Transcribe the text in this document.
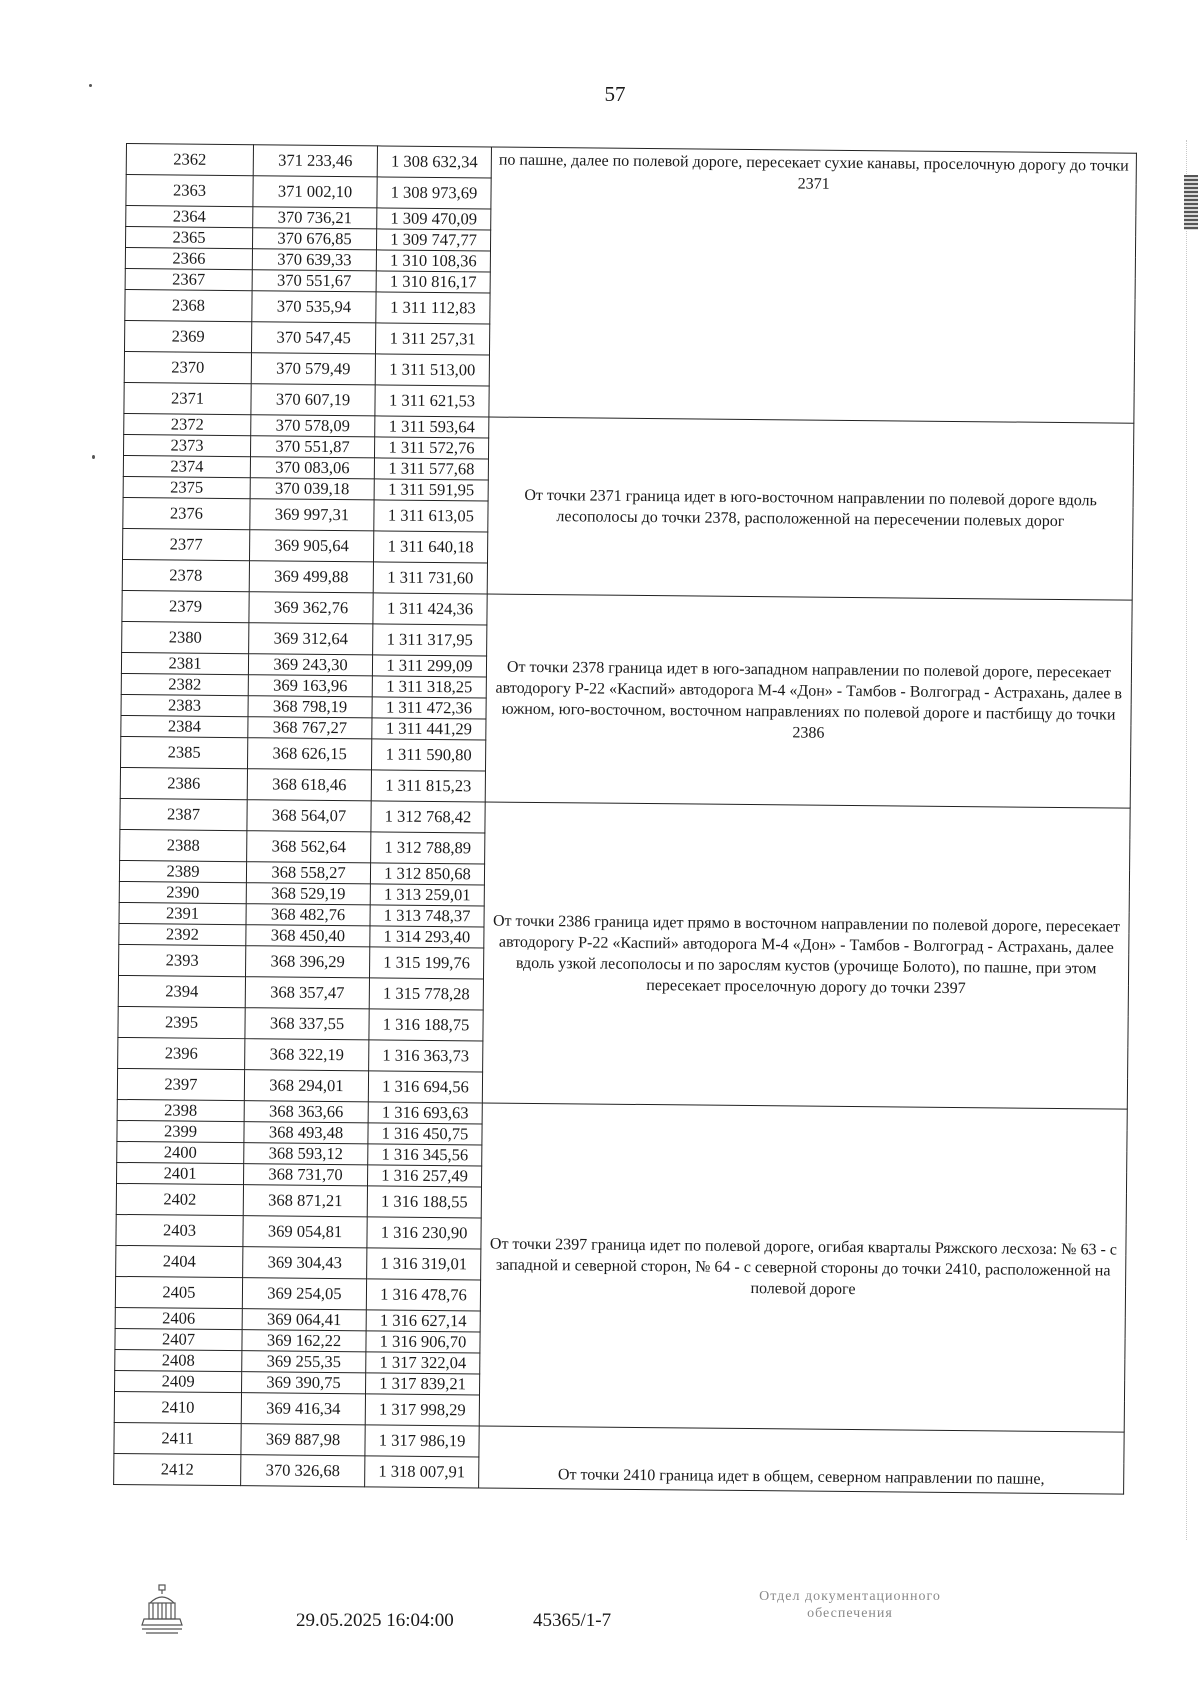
57
2362	371 233,46	1 308 632,34	по пашне, далее по полевой дороге, пересекает сухие канавы, проселочную дорогу до точки 2371
2363	371 002,10	1 308 973,69	
2364	370 736,21	1 309 470,09	
2365	370 676,85	1 309 747,77	
2366	370 639,33	1 310 108,36	
2367	370 551,67	1 310 816,17	
2368	370 535,94	1 311 112,83	
2369	370 547,45	1 311 257,31	
2370	370 579,49	1 311 513,00	
2371	370 607,19	1 311 621,53	
2372	370 578,09	1 311 593,64	От точки 2371 граница идет в юго-восточном направлении по полевой дороге вдоль лесополосы до точки 2378, расположенной на пересечении полевых дорог
2373	370 551,87	1 311 572,76	
2374	370 083,06	1 311 577,68	
2375	370 039,18	1 311 591,95	
2376	369 997,31	1 311 613,05	
2377	369 905,64	1 311 640,18	
2378	369 499,88	1 311 731,60	
2379	369 362,76	1 311 424,36	От точки 2378 граница идет в юго-западном направлении по полевой дороге, пересекает автодорогу Р-22 «Каспий» автодорога М-4 «Дон» - Тамбов - Волгоград - Астрахань, далее в южном, юго-восточном, восточном направлениях по полевой дороге и пастбищу до точки 2386
2380	369 312,64	1 311 317,95	
2381	369 243,30	1 311 299,09	
2382	369 163,96	1 311 318,25	
2383	368 798,19	1 311 472,36	
2384	368 767,27	1 311 441,29	
2385	368 626,15	1 311 590,80	
2386	368 618,46	1 311 815,23	
2387	368 564,07	1 312 768,42	От точки 2386 граница идет прямо в восточном направлении по полевой дороге, пересекает автодорогу Р-22 «Каспий» автодорога М-4 «Дон» - Тамбов - Волгоград - Астрахань, далее вдоль узкой лесополосы и по зарослям кустов (урочище Болото), по пашне, при этом пересекает проселочную дорогу до точки 2397
2388	368 562,64	1 312 788,89	
2389	368 558,27	1 312 850,68	
2390	368 529,19	1 313 259,01	
2391	368 482,76	1 313 748,37	
2392	368 450,40	1 314 293,40	
2393	368 396,29	1 315 199,76	
2394	368 357,47	1 315 778,28	
2395	368 337,55	1 316 188,75	
2396	368 322,19	1 316 363,73	
2397	368 294,01	1 316 694,56	
2398	368 363,66	1 316 693,63	От точки 2397 граница идет по полевой дороге, огибая кварталы Ряжского лесхоза: № 63 - с западной и северной сторон, № 64 - с северной стороны до точки 2410, расположенной на полевой дороге
2399	368 493,48	1 316 450,75	
2400	368 593,12	1 316 345,56	
2401	368 731,70	1 316 257,49	
2402	368 871,21	1 316 188,55	
2403	369 054,81	1 316 230,90	
2404	369 304,43	1 316 319,01	
2405	369 254,05	1 316 478,76	
2406	369 064,41	1 316 627,14	
2407	369 162,22	1 316 906,70	
2408	369 255,35	1 317 322,04	
2409	369 390,75	1 317 839,21	
2410	369 416,34	1 317 998,29	
2411	369 887,98	1 317 986,19	От точки 2410 граница идет в общем, северном направлении по пашне,
2412	370 326,68	1 318 007,91	
29.05.2025 16:04:00	45365/1-7
Отдел документационного
обеспечения
